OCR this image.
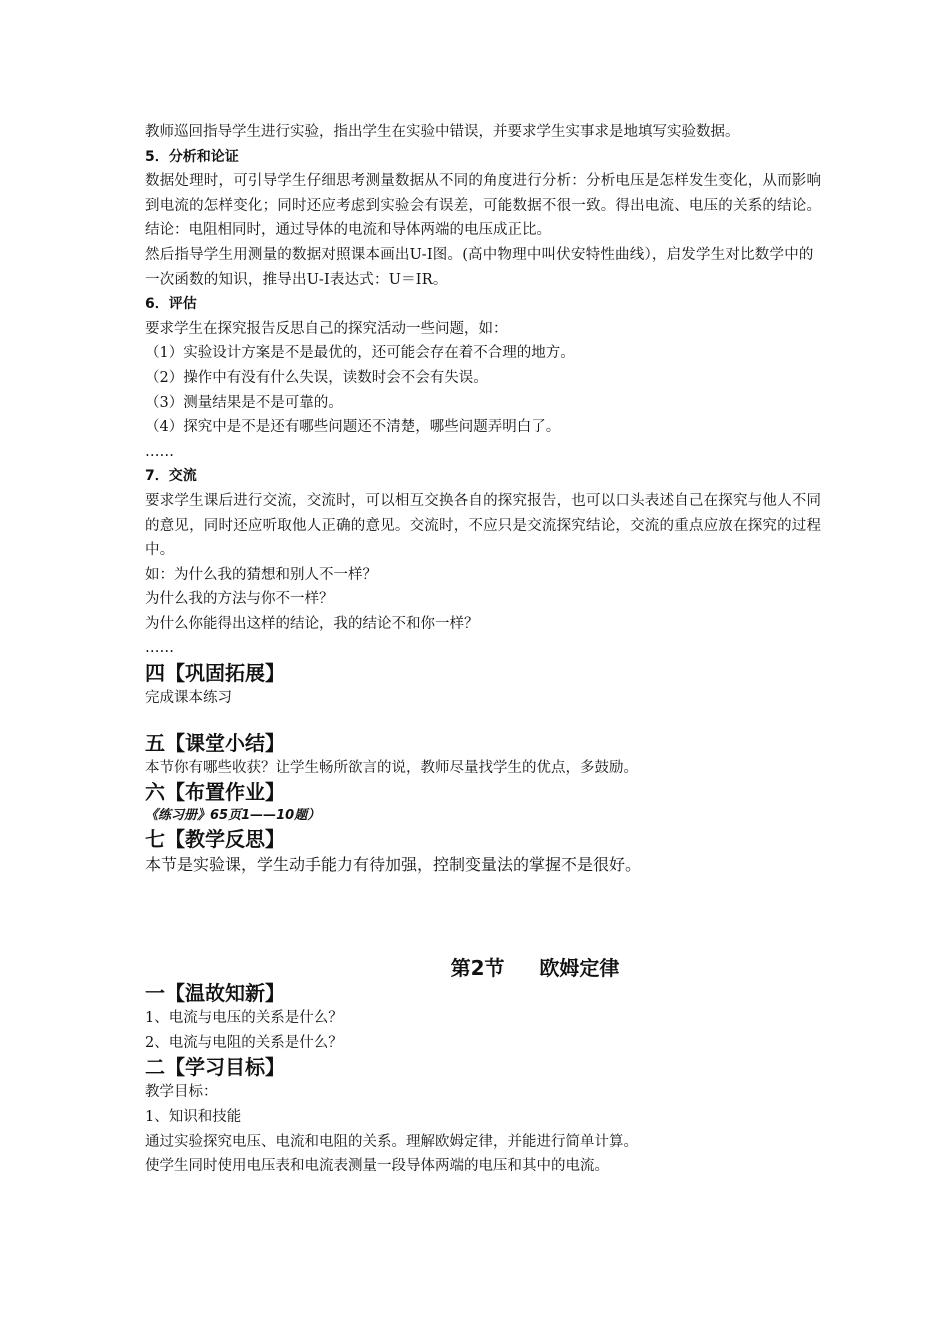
教师巡回指导学生进行实验，指出学生在实验中错误，并要求学生实事求是地填写实验数据。

5．分析和论证

数据处理时，可引导学生仔细思考测量数据从不同的角度进行分析：分析电压是怎样发生变化，从而影响到电流的怎样变化；同时还应考虑到实验会有误差，可能数据不很一致。得出电流、电压的关系的结论。

结论：电阻相同时，通过导体的电流和导体两端的电压成正比。

然后指导学生用测量的数据对照课本画出U-I图。(高中物理中叫伏安特性曲线），启发学生对比数学中的一次函数的知识，推导出U-I表达式：U＝IR。

6．评估

要求学生在探究报告反思自己的探究活动一些问题，如：

（1）实验设计方案是不是最优的，还可能会存在着不合理的地方。

（2）操作中有没有什么失误，读数时会不会有失误。

（3）测量结果是不是可靠的。

（4）探究中是不是还有哪些问题还不清楚，哪些问题弄明白了。

……

7．交流

要求学生课后进行交流，交流时，可以相互交换各自的探究报告，也可以口头表述自己在探究与他人不同的意见，同时还应听取他人正确的意见。交流时，不应只是交流探究结论，交流的重点应放在探究的过程中。

如：为什么我的猜想和别人不一样？

为什么我的方法与你不一样？

为什么你能得出这样的结论，我的结论不和你一样？

……

四【巩固拓展】

完成课本练习

五【课堂小结】

本节你有哪些收获？让学生畅所欲言的说，教师尽量找学生的优点，多鼓励。

六【布置作业】

《练习册》65页1——10题）

七【教学反思】

本节是实验课，学生动手能力有待加强，控制变量法的掌握不是很好。

第2节     欧姆定律

一【温故知新】

1、电流与电压的关系是什么？

2、电流与电阻的关系是什么？

二【学习目标】

教学目标：

1、知识和技能

通过实验探究电压、电流和电阻的关系。理解欧姆定律，并能进行简单计算。

使学生同时使用电压表和电流表测量一段导体两端的电压和其中的电流。
